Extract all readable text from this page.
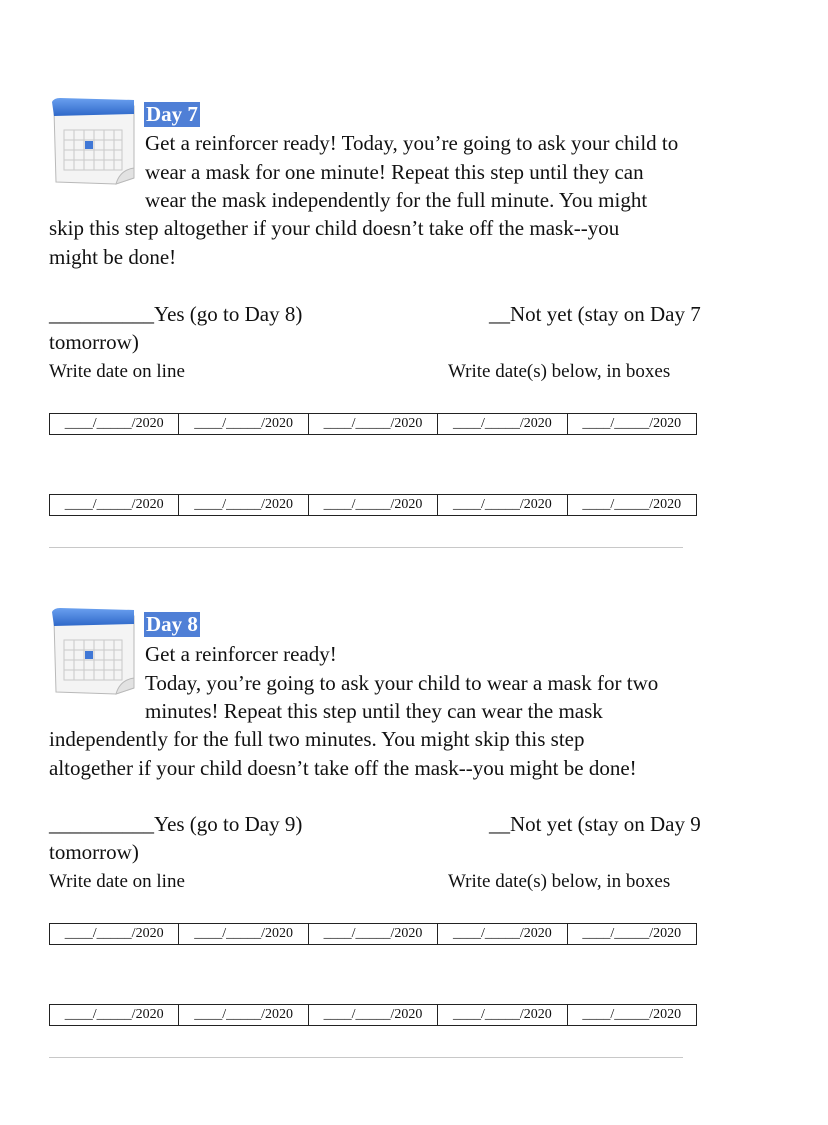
Day 7
Get a reinforcer ready! Today, you’re going to ask your child to
wear a mask for one minute! Repeat this step until they can
wear the mask independently for the full minute. You might
skip this step altogether if your child doesn’t take off the mask--you
might be done!
__________Yes (go to Day 8)	__Not yet (stay on Day 7
tomorrow)
Write date on line	Write date(s) below, in boxes
____/_____/2020	____/_____/2020	____/_____/2020	____/_____/2020	____/_____/2020
____/_____/2020	____/_____/2020	____/_____/2020	____/_____/2020	____/_____/2020
Day 8
Get a reinforcer ready!
Today, you’re going to ask your child to wear a mask for two
minutes! Repeat this step until they can wear the mask
independently for the full two minutes. You might skip this step
altogether if your child doesn’t take off the mask--you might be done!
__________Yes (go to Day 9)	__Not yet (stay on Day 9
tomorrow)
Write date on line	Write date(s) below, in boxes
____/_____/2020	____/_____/2020	____/_____/2020	____/_____/2020	____/_____/2020
____/_____/2020	____/_____/2020	____/_____/2020	____/_____/2020	____/_____/2020
